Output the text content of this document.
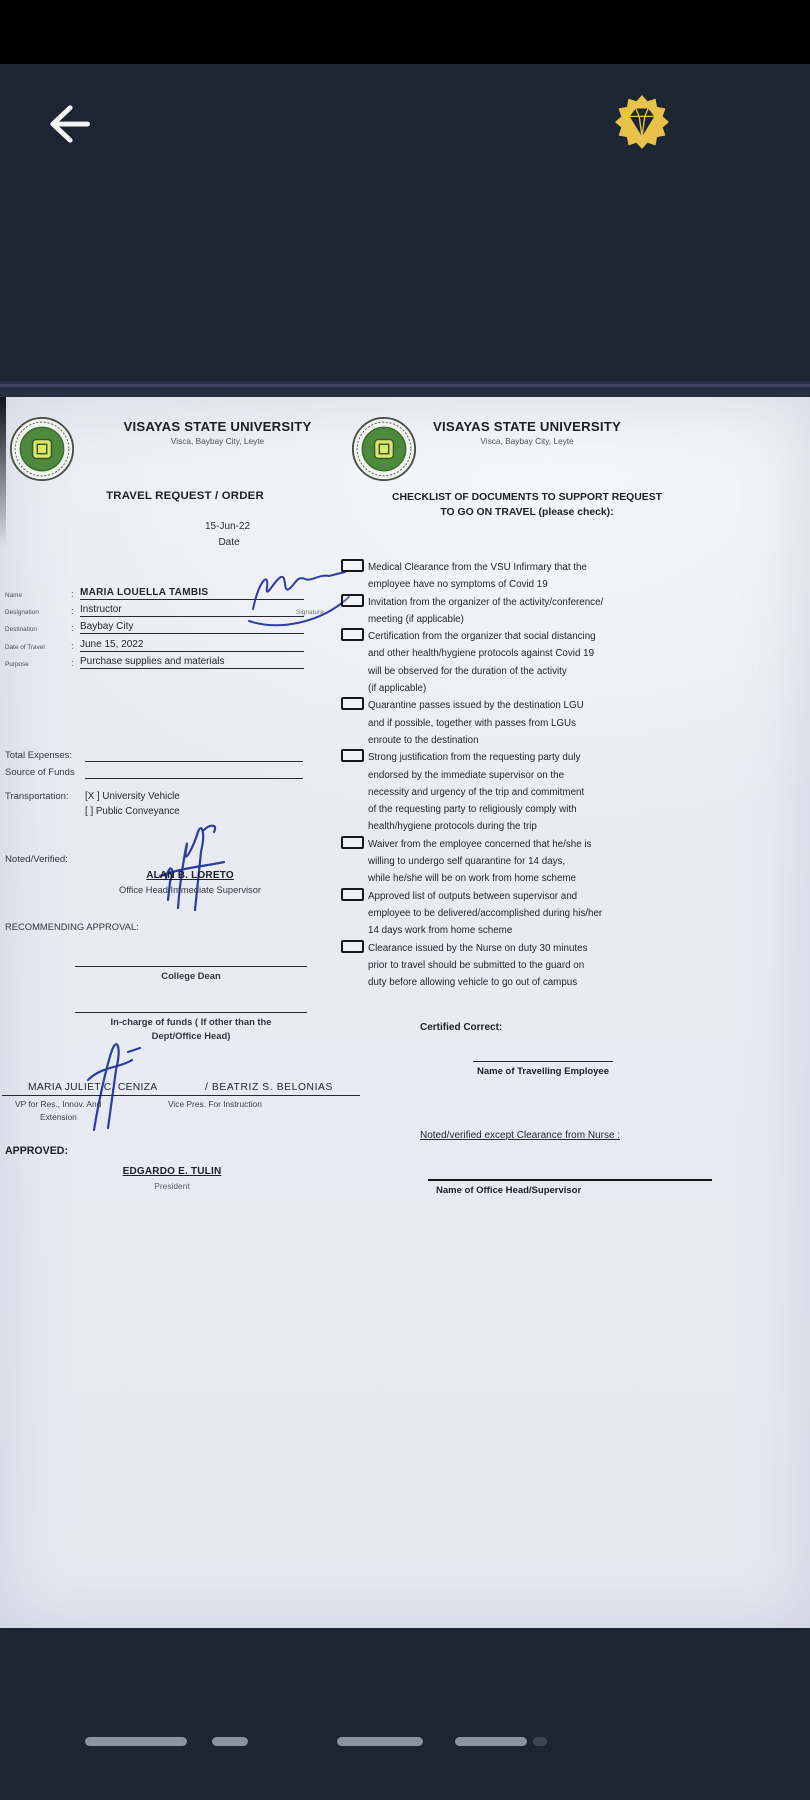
VISAYAS STATE UNIVERSITY
Visca, Baybay City, Leyte
TRAVEL REQUEST / ORDER
15-Jun-22
Date
Name	: MARIA LOUELLA TAMBIS
Designation	: Instructor
Destination	: Baybay City
Date of Travel	: June 15, 2022
Purpose	: Purchase supplies and materials
Signature
Total Expenses:
Source of Funds
Transportation: [X ] University Vehicle
[ ] Public Conveyance
Noted/Verified:
ALAN B. LORETO
Office Head/Immediate Supervisor
RECOMMENDING APPROVAL:
College Dean
In-charge of funds ( If other than the
Dept/Office Head)
MARIA JULIET C. CENIZA	/ BEATRIZ S. BELONIAS
VP for Res., Innov. And	Vice Pres. For Instruction
Extension
APPROVED:
EDGARDO E. TULIN
President
VISAYAS STATE UNIVERSITY
Visca, Baybay City, Leyte
CHECKLIST OF DOCUMENTS TO SUPPORT REQUEST
TO GO ON TRAVEL (please check):
Medical Clearance from the VSU Infirmary that the
employee have no symptoms of Covid 19
Invitation from the organizer of the activity/conference/
meeting (if applicable)
Certification from the organizer that social distancing
and other health/hygiene protocols against Covid 19
will be observed for the duration of the activity
(if applicable)
Quarantine passes issued by the destination LGU
and if possible, together with passes from LGUs
enroute to the destination
Strong justification from the requesting party duly
endorsed by the immediate supervisor on the
necessity and urgency of the trip and commitment
of the requesting party to religiously comply with
health/hygiene protocols during the trip
Waiver from the employee concerned that he/she is
willing to undergo self quarantine for 14 days,
while he/she will be on work from home scheme
Approved list of outputs between supervisor and
employee to be delivered/accomplished during his/her
14 days work from home scheme
Clearance issued by the Nurse on duty 30 minutes
prior to travel should be submitted to the guard on
duty before allowing vehicle to go out of campus
Certified Correct:
Name of Travelling Employee
Noted/verified except Clearance from Nurse :
Name of Office Head/Supervisor
